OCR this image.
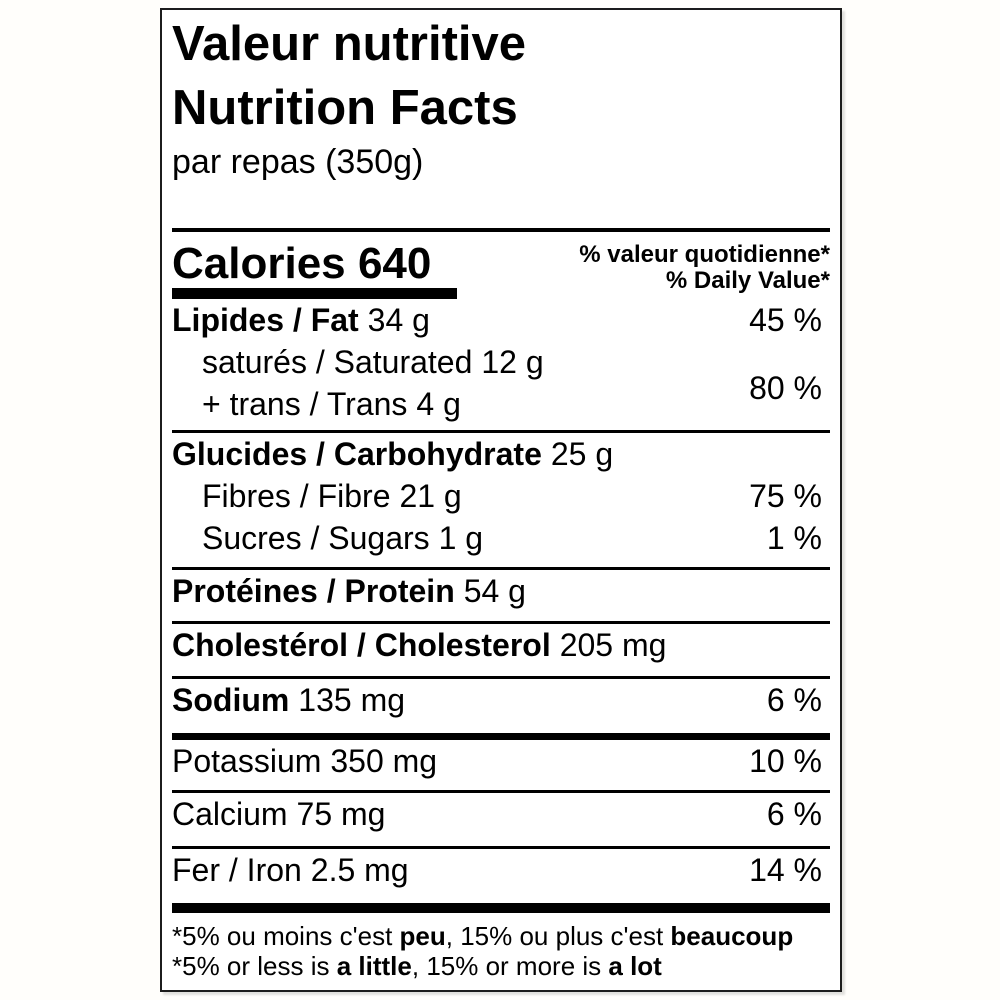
Valeur nutritive
Nutrition Facts
par repas (350g)
Calories 640	% valeur quotidienne*
% Daily Value*
Lipides / Fat 34 g	45 %
saturés / Saturated 12 g
+ trans / Trans 4 g	80 %
Glucides / Carbohydrate 25 g
Fibres / Fibre 21 g	75 %
Sucres / Sugars 1 g	1 %
Protéines / Protein 54 g
Cholestérol / Cholesterol 205 mg
Sodium 135 mg	6 %
Potassium 350 mg	10 %
Calcium 75 mg	6 %
Fer / Iron 2.5 mg	14 %
*5% ou moins c'est peu, 15% ou plus c'est beaucoup
*5% or less is a little, 15% or more is a lot
